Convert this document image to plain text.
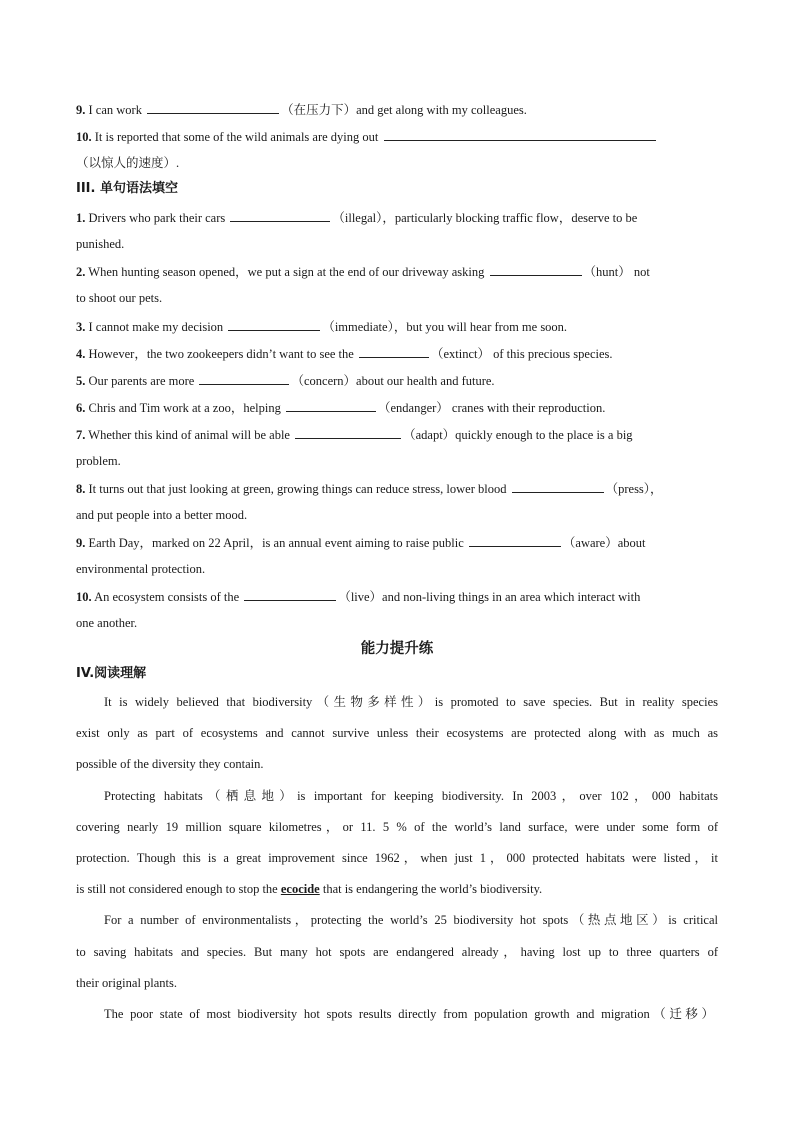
9. I can work	（在压力下）and get along with my colleagues.
10. It is reported that some of the wild animals are dying out
（以惊人的速度）.
III. 单句语法填空
1. Drivers who park their cars	（illegal），particularly blocking traffic flow，deserve to be
punished.
2. When hunting season opened，we put a sign at the end of our driveway asking	（hunt） not
to shoot our pets.
3. I cannot make my decision	（immediate），but you will hear from me soon.
4. However，the two zookeepers didn’t want to see the	（extinct） of this precious species.
5. Our parents are more	（concern）about our health and future.
6. Chris and Tim work at a zoo，helping	（endanger） cranes with their reproduction.
7. Whether this kind of animal will be able	（adapt）quickly enough to the place is a big
problem.
8. It turns out that just looking at green, growing things can reduce stress, lower blood	（press），
and put people into a better mood.
9. Earth Day，marked on 22 April，is an annual event aiming to raise public	（aware）about
environmental protection.
10. An ecosystem consists of the	（live）and non-living things in an area which interact with
one another.
能力提升练
IV.阅读理解
It is widely believed that biodiversity（生物多样性）is promoted to save species. But in reality species
exist only as part of ecosystems and cannot survive unless their ecosystems are protected along with as much as
possible of the diversity they contain.
Protecting habitats（栖息地）is important for keeping biodiversity. In 2003，over 102，000 habitats
covering nearly 19 million square kilometres，or 11. 5 % of the world’s land surface, were under some form of
protection. Though this is a great improvement since 1962，when just 1，000 protected habitats were listed，it
is still not considered enough to stop the ecocide that is endangering the world’s biodiversity.
For a number of environmentalists，protecting the world’s 25 biodiversity hot spots（热点地区）is critical
to saving habitats and species. But many hot spots are endangered already，having lost up to three quarters of
their original plants.
The poor state of most biodiversity hot spots results directly from population growth and migration（迁移）
